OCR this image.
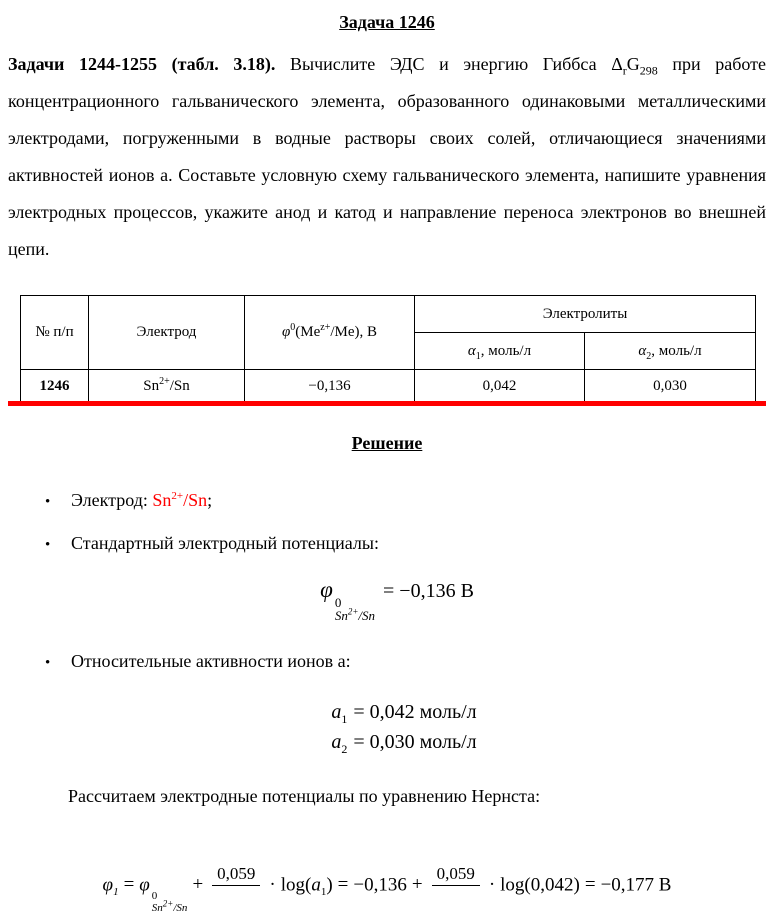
Задача 1246

Задачи 1244-1255 (табл. 3.18). Вычислите ЭДС и энергию Гиббса $\Delta_rG_{298}$ при работе концентрационного гальванического элемента, образованного одинаковыми металлическими электродами, погруженными в водные растворы своих солей, отличающиеся значениями активностей ионов a. Составьте условную схему гальванического элемента, напишите уравнения электродных процессов, укажите анод и катод и направление переноса электронов во внешней цепи.

№ п/п	Электрод	$\varphi^0(Me^{z+}/Me)$, В	Электролиты	
			$\alpha_1$, моль/л	$\alpha_2$, моль/л
1246	$Sn^{2+}/Sn$	−0,136	0,042	0,030
Решение
•	Электрод: $Sn^{2+}/Sn$;
•	Стандартный электродный потенциалы:
φ
0
$Sn^{2+}/Sn$
= −0,136 В
•	Относительные активности ионов a:
$a_1 = 0,042$ моль/л
$a_2 = 0,030$ моль/л

Рассчитаем электродные потенциалы по уравнению Нернста:

$\varphi_1 = \varphi$
0
$Sn^{2+}/Sn$
+
0,059
· $\log(a_1) = -0,136$ +
0,059
· log(0,042) = −0,177 В
